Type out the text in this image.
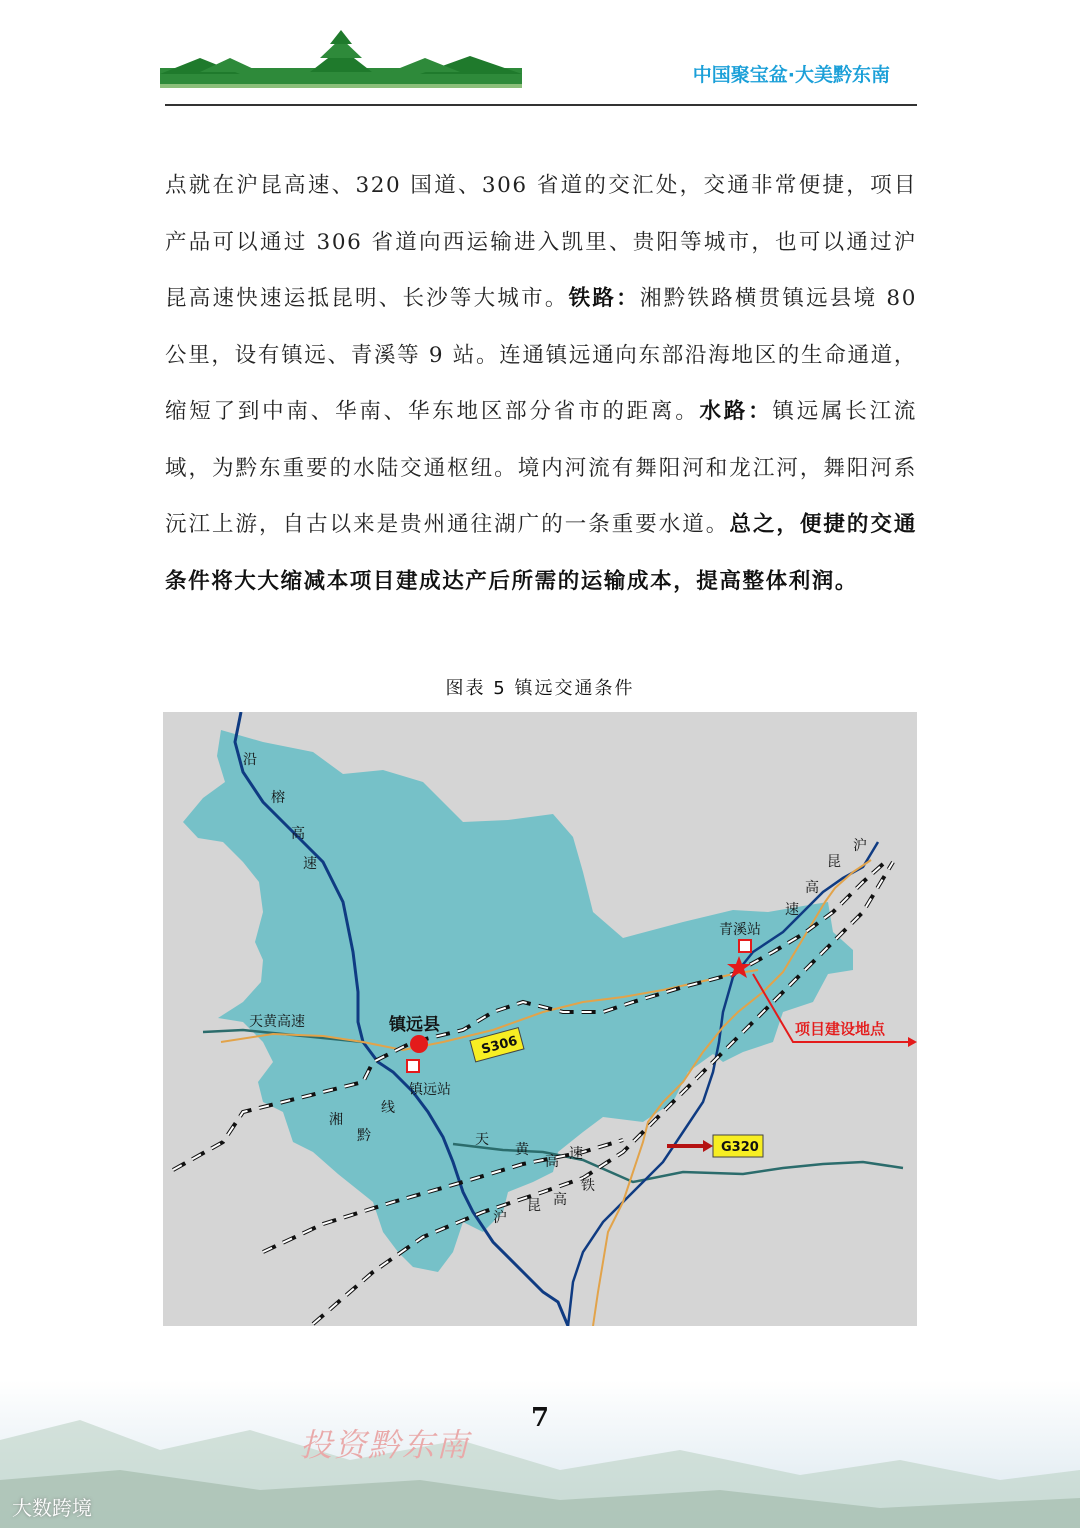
中国聚宝盆·大美黔东南

点就在沪昆高速、320 国道、306 省道的交汇处，交通非常便捷，项目产品可以通过 306 省道向西运输进入凯里、贵阳等城市，也可以通过沪昆高速快速运抵昆明、长沙等大城市。铁路：湘黔铁路横贯镇远县境 80 公里，设有镇远、青溪等 9 站。连通镇远通向东部沿海地区的生命通道，缩短了到中南、华南、华东地区部分省市的距离。水路：镇远属长江流域，为黔东重要的水陆交通枢纽。境内河流有舞阳河和龙江河，舞阳河系沅江上游，自古以来是贵州通往湖广的一条重要水道。总之，便捷的交通条件将大大缩减本项目建成达产后所需的运输成本，提高整体利润。

图表 5 镇远交通条件
沿
榕
高
速
沪
昆
高
速
青溪站
项目建设地点
天黄高速	镇远县
S306
镇远站
湘
黔
线
天
黄
高 速
沪
昆 高
铁
G320
投资黔东南
7
大数跨境
